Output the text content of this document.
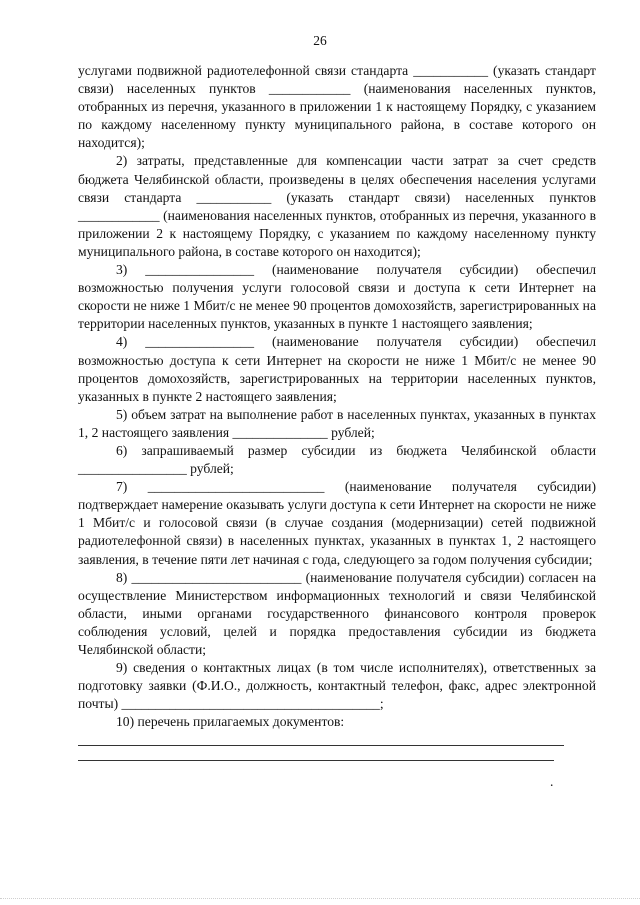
26

услугами подвижной радиотелефонной связи стандарта ___________ (указать стандарт связи) населенных пунктов ____________ (наименования населенных пунктов, отобранных из перечня, указанного в приложении 1 к настоящему Порядку, с указанием по каждому населенному пункту муниципального района, в составе которого он находится);

2) затраты, представленные для компенсации части затрат за счет средств бюджета Челябинской области, произведены в целях обеспечения населения услугами связи стандарта ___________ (указать стандарт связи) населенных пунктов ____________ (наименования населенных пунктов, отобранных из перечня, указанного в приложении 2 к настоящему Порядку, с указанием по каждому населенному пункту муниципального района, в составе которого он находится);

3) ________________ (наименование получателя субсидии) обеспечил возможностью получения услуги голосовой связи и доступа к сети Интернет на скорости не ниже 1 Мбит/с не менее 90 процентов домохозяйств, зарегистрированных на территории населенных пунктов, указанных в пункте 1 настоящего заявления;

4) ________________ (наименование получателя субсидии) обеспечил возможностью доступа к сети Интернет на скорости не ниже 1 Мбит/с не менее 90 процентов домохозяйств, зарегистрированных на территории населенных пунктов, указанных в пункте 2 настоящего заявления;

5) объем затрат на выполнение работ в населенных пунктах, указанных в пунктах 1, 2 настоящего заявления ______________ рублей;

6) запрашиваемый размер субсидии из бюджета Челябинской области ________________ рублей;

7) __________________________ (наименование получателя субсидии) подтверждает намерение оказывать услуги доступа к сети Интернет на скорости не ниже 1 Мбит/с и голосовой связи (в случае создания (модернизации) сетей подвижной радиотелефонной связи) в населенных пунктах, указанных в пунктах 1, 2 настоящего заявления, в течение пяти лет начиная с года, следующего за годом получения субсидии;

8) _________________________ (наименование получателя субсидии) согласен на осуществление Министерством информационных технологий и связи Челябинской области, иными органами государственного финансового контроля проверок соблюдения условий, целей и порядка предоставления субсидии из бюджета Челябинской области;

9) сведения о контактных лицах (в том числе исполнителях), ответственных за подготовку заявки (Ф.И.О., должность, контактный телефон, факс, адрес электронной почты) ______________________________________;

10) перечень прилагаемых документов:

.
